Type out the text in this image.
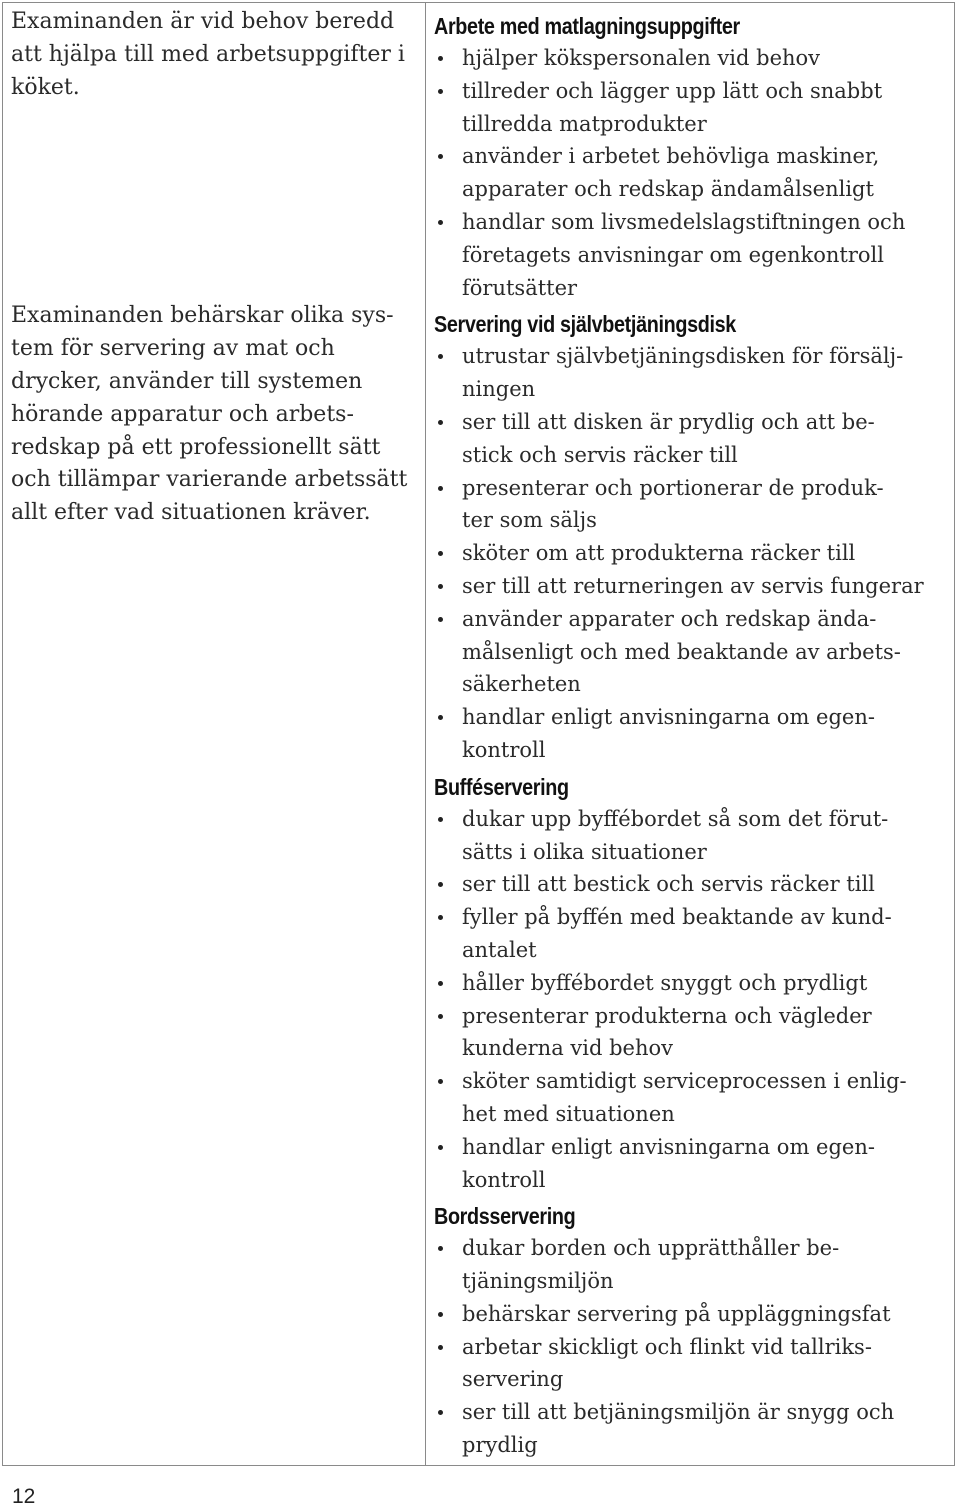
Examinanden är vid behov beredd
att hjälpa till med arbetsuppgifter i
köket.

Examinanden behärskar olika sys-
tem för servering av mat och
drycker, använder till systemen
hörande apparatur och arbets-
redskap på ett professionellt sätt
och tillämpar varierande arbetssätt
allt efter vad situationen kräver.

Arbete med matlagningsuppgifter
hjälper kökspersonalen vid behov
tillreder och lägger upp lätt och snabbt
tillredda matprodukter
använder i arbetet behövliga maskiner,
apparater och redskap ändamålsenligt
handlar som livsmedelslagstiftningen och
företagets anvisningar om egenkontroll
förutsätter
Servering vid självbetjäningsdisk
utrustar självbetjäningsdisken för försälj-
ningen
ser till att disken är prydlig och att be-
stick och servis räcker till
presenterar och portionerar de produk-
ter som säljs
sköter om att produkterna räcker till
ser till att returneringen av servis fungerar
använder apparater och redskap ända-
målsenligt och med beaktande av arbets-
säkerheten
handlar enligt anvisningarna om egen-
kontroll
Bufféservering
dukar upp byffébordet så som det förut-
sätts i olika situationer
ser till att bestick och servis räcker till
fyller på byffén med beaktande av kund-
antalet
håller byffébordet snyggt och prydligt
presenterar produkterna och vägleder
kunderna vid behov
sköter samtidigt serviceprocessen i enlig-
het med situationen
handlar enligt anvisningarna om egen-
kontroll
Bordsservering
dukar borden och upprätthåller be-
tjäningsmiljön
behärskar servering på uppläggningsfat
arbetar skickligt och flinkt vid tallriks-
servering
ser till att betjäningsmiljön är snygg och
prydlig
12
